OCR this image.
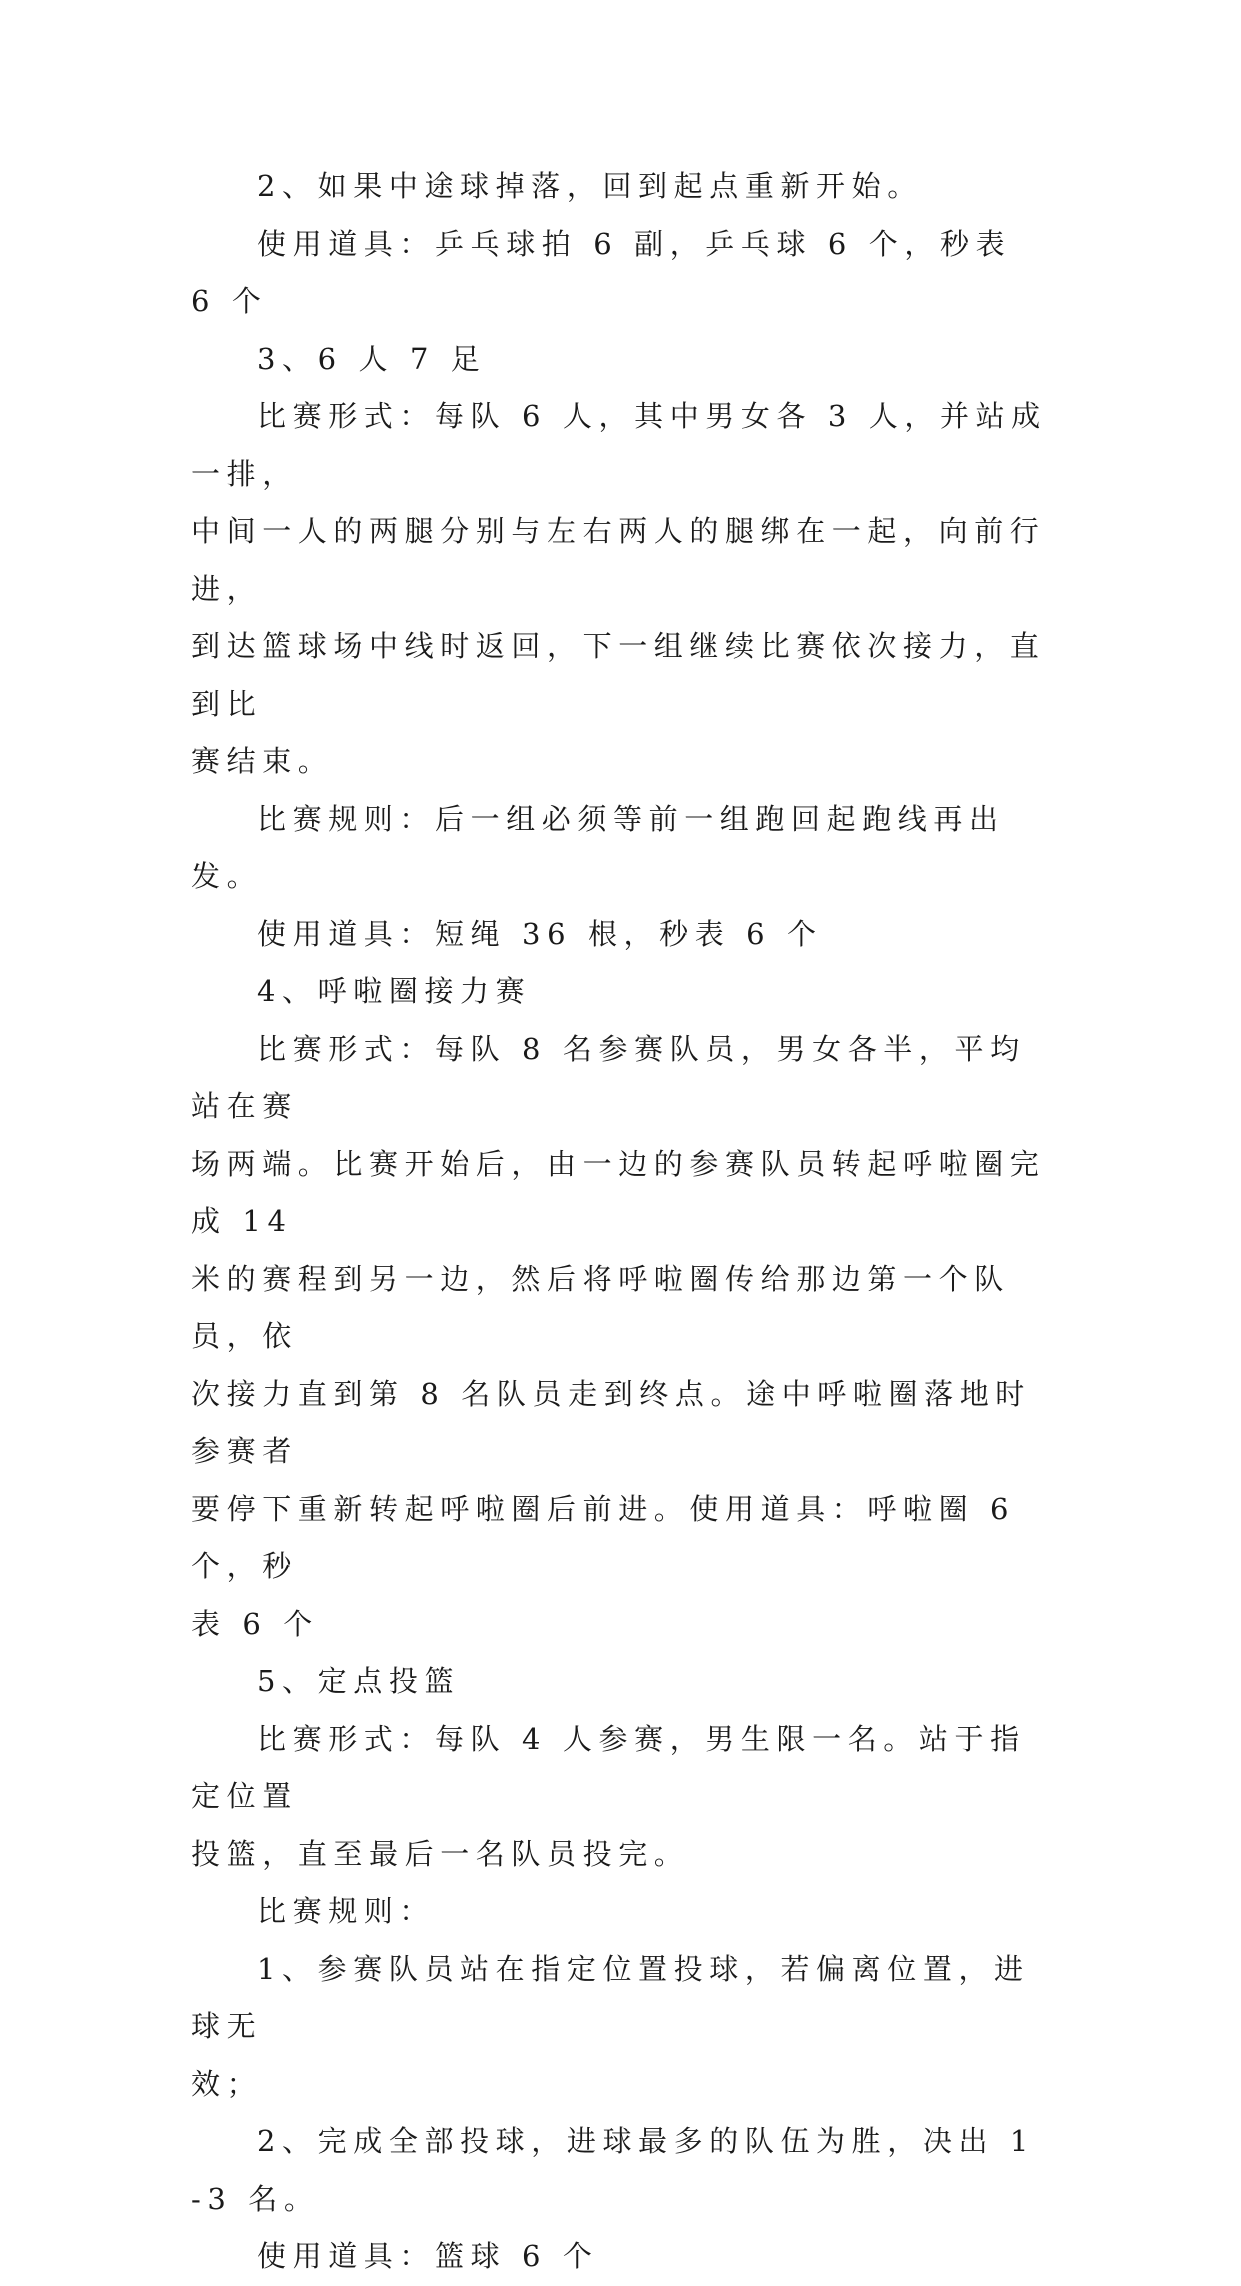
2、如果中途球掉落，回到起点重新开始。

使用道具：乒乓球拍 6 副，乒乓球 6 个，秒表 6 个

3、6 人 7 足

比赛形式：每队 6 人，其中男女各 3 人，并站成一排，

中间一人的两腿分别与左右两人的腿绑在一起，向前行进，

到达篮球场中线时返回，下一组继续比赛依次接力，直到比

赛结束。

比赛规则：后一组必须等前一组跑回起跑线再出发。

使用道具：短绳 36 根，秒表 6 个

4、呼啦圈接力赛

比赛形式：每队 8 名参赛队员，男女各半，平均站在赛

场两端。比赛开始后，由一边的参赛队员转起呼啦圈完成 14

米的赛程到另一边，然后将呼啦圈传给那边第一个队员，依

次接力直到第 8 名队员走到终点。途中呼啦圈落地时参赛者

要停下重新转起呼啦圈后前进。使用道具：呼啦圈 6 个，秒

表 6 个

5、定点投篮

比赛形式：每队 4 人参赛，男生限一名。站于指定位置

投篮，直至最后一名队员投完。

比赛规则：

1、参赛队员站在指定位置投球，若偏离位置，进球无

效；

2、完成全部投球，进球最多的队伍为胜，决出 1-3 名。

使用道具：篮球 6 个
